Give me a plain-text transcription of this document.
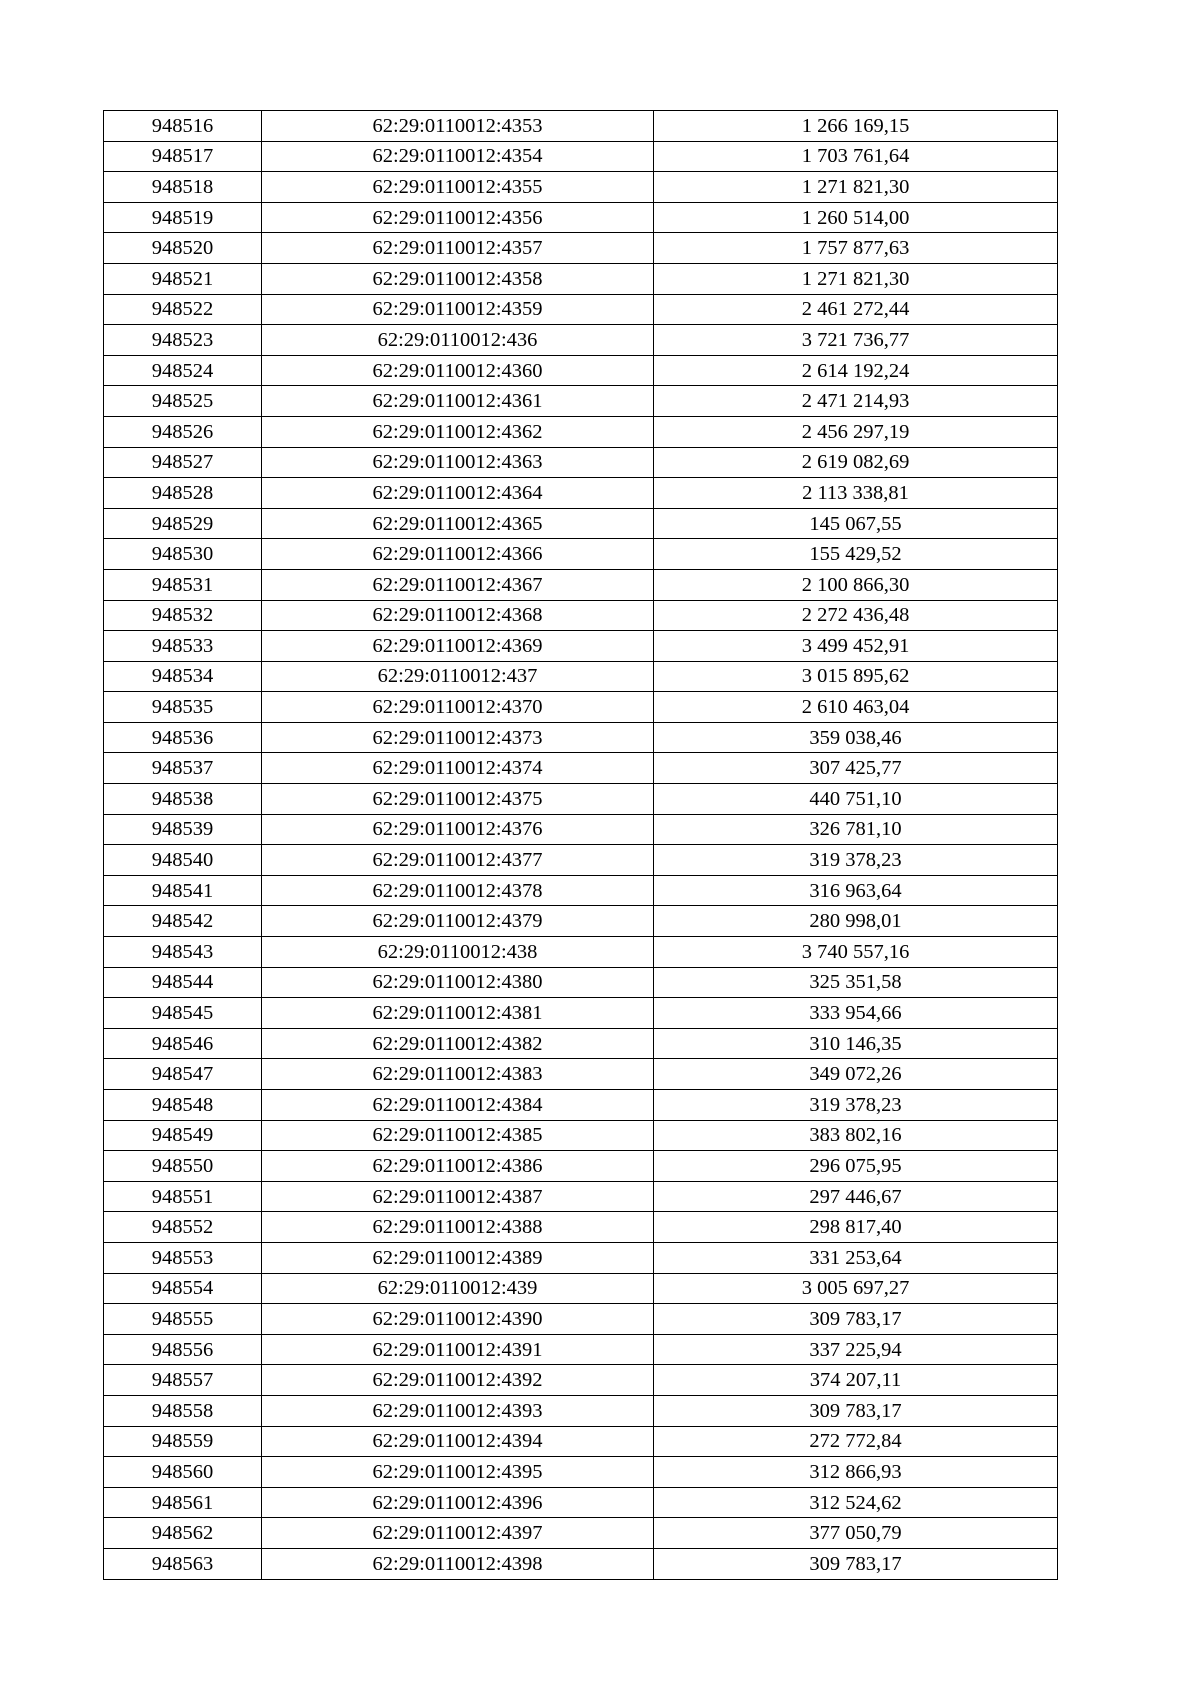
948516	62:29:0110012:4353	1 266 169,15
948517	62:29:0110012:4354	1 703 761,64
948518	62:29:0110012:4355	1 271 821,30
948519	62:29:0110012:4356	1 260 514,00
948520	62:29:0110012:4357	1 757 877,63
948521	62:29:0110012:4358	1 271 821,30
948522	62:29:0110012:4359	2 461 272,44
948523	62:29:0110012:436	3 721 736,77
948524	62:29:0110012:4360	2 614 192,24
948525	62:29:0110012:4361	2 471 214,93
948526	62:29:0110012:4362	2 456 297,19
948527	62:29:0110012:4363	2 619 082,69
948528	62:29:0110012:4364	2 113 338,81
948529	62:29:0110012:4365	145 067,55
948530	62:29:0110012:4366	155 429,52
948531	62:29:0110012:4367	2 100 866,30
948532	62:29:0110012:4368	2 272 436,48
948533	62:29:0110012:4369	3 499 452,91
948534	62:29:0110012:437	3 015 895,62
948535	62:29:0110012:4370	2 610 463,04
948536	62:29:0110012:4373	359 038,46
948537	62:29:0110012:4374	307 425,77
948538	62:29:0110012:4375	440 751,10
948539	62:29:0110012:4376	326 781,10
948540	62:29:0110012:4377	319 378,23
948541	62:29:0110012:4378	316 963,64
948542	62:29:0110012:4379	280 998,01
948543	62:29:0110012:438	3 740 557,16
948544	62:29:0110012:4380	325 351,58
948545	62:29:0110012:4381	333 954,66
948546	62:29:0110012:4382	310 146,35
948547	62:29:0110012:4383	349 072,26
948548	62:29:0110012:4384	319 378,23
948549	62:29:0110012:4385	383 802,16
948550	62:29:0110012:4386	296 075,95
948551	62:29:0110012:4387	297 446,67
948552	62:29:0110012:4388	298 817,40
948553	62:29:0110012:4389	331 253,64
948554	62:29:0110012:439	3 005 697,27
948555	62:29:0110012:4390	309 783,17
948556	62:29:0110012:4391	337 225,94
948557	62:29:0110012:4392	374 207,11
948558	62:29:0110012:4393	309 783,17
948559	62:29:0110012:4394	272 772,84
948560	62:29:0110012:4395	312 866,93
948561	62:29:0110012:4396	312 524,62
948562	62:29:0110012:4397	377 050,79
948563	62:29:0110012:4398	309 783,17
